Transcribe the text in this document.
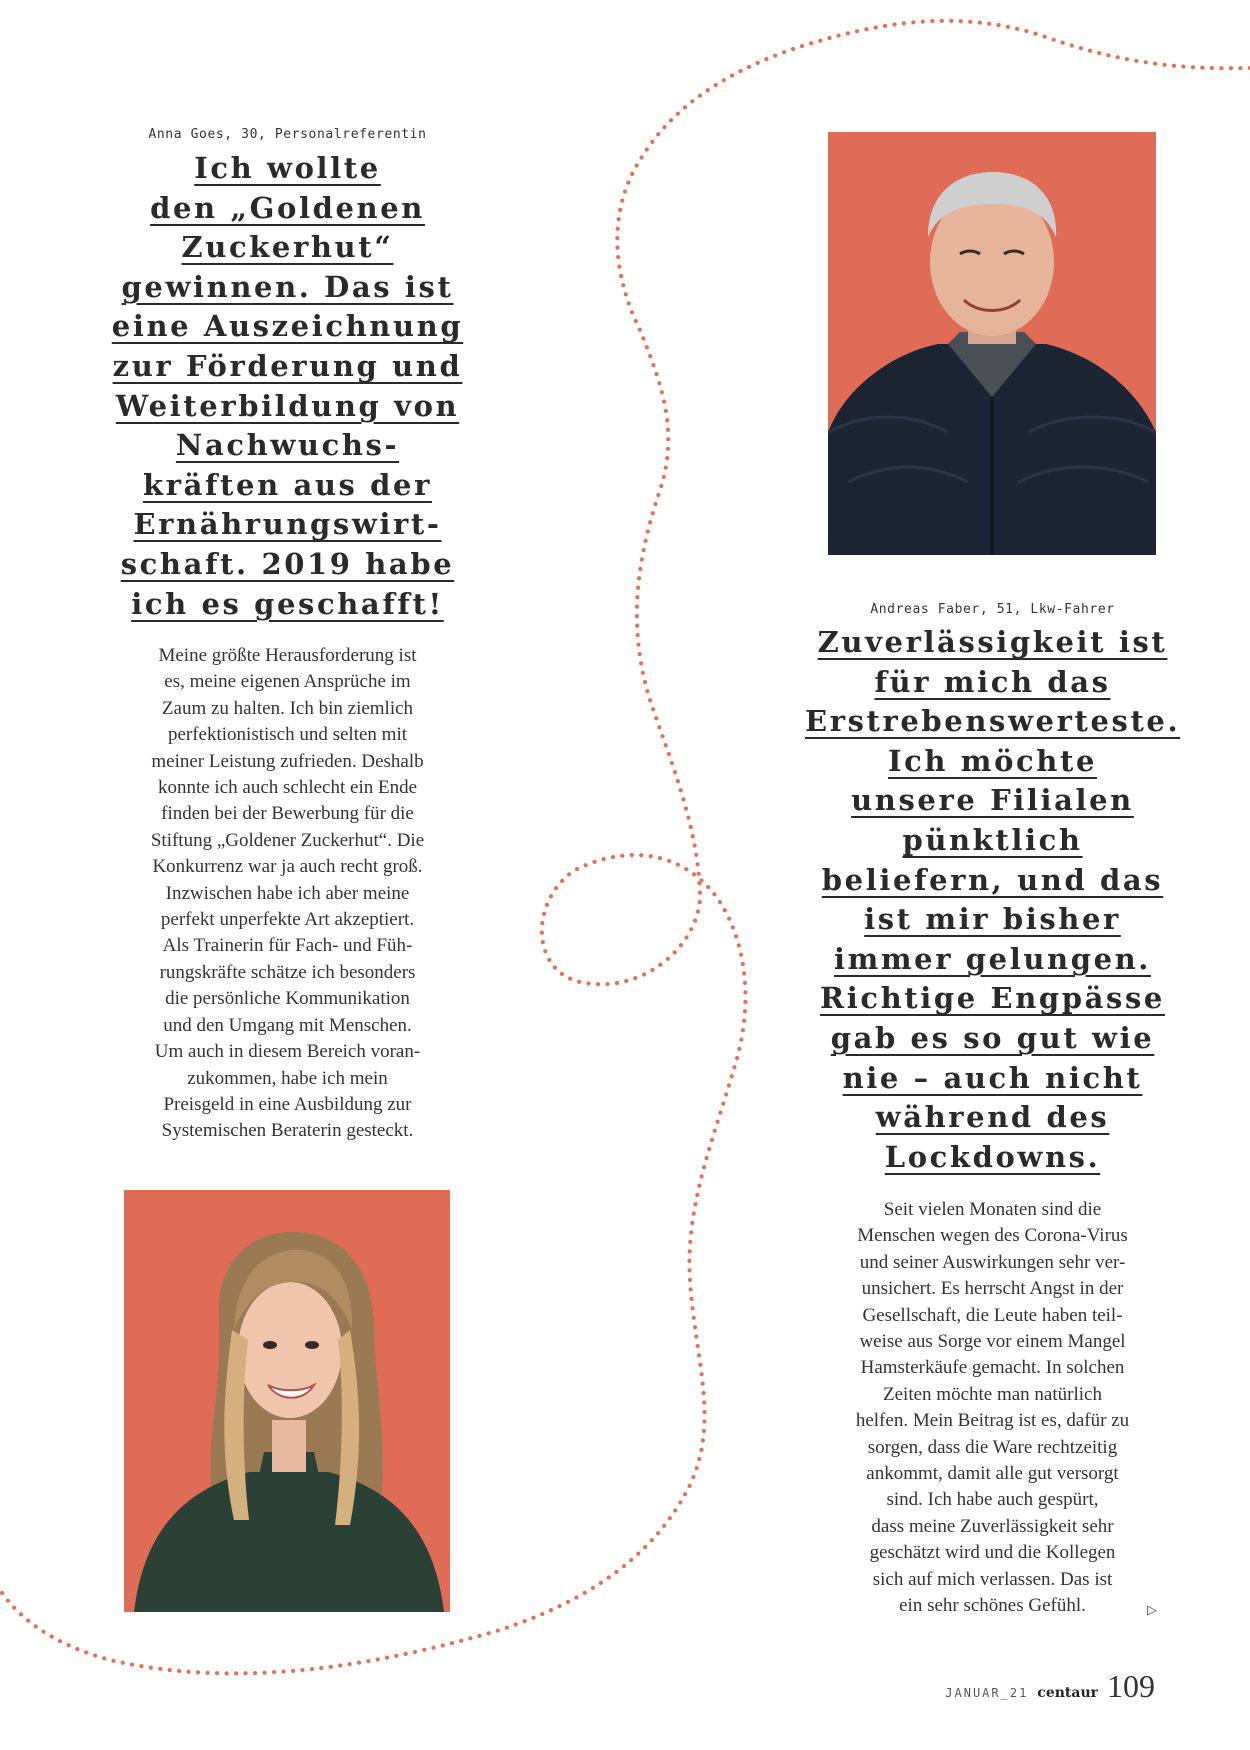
Anna Goes, 30, Personalreferentin
Ich wollte
den „Goldenen
Zuckerhut“
gewinnen. Das ist
eine Auszeichnung
zur Förderung und
Weiterbildung von
Nachwuchs-
kräften aus der
Ernährungswirt-
schaft. 2019 habe
ich es geschafft!
Meine größte Herausforderung ist
es, meine eigenen Ansprüche im
Zaum zu halten. Ich bin ziemlich
perfektionistisch und selten mit
meiner Leistung zufrieden. Deshalb
konnte ich auch schlecht ein Ende
finden bei der Bewerbung für die
Stiftung „Goldener Zuckerhut“. Die
Konkurrenz war ja auch recht groß.
Inzwischen habe ich aber meine
perfekt unperfekte Art akzeptiert.
Als Trainerin für Fach- und Füh-
rungskräfte schätze ich besonders
die persönliche Kommunikation
und den Umgang mit Menschen.
Um auch in diesem Bereich voran-
zukommen, habe ich mein
Preisgeld in eine Ausbildung zur
Systemischen Beraterin gesteckt.
Andreas Faber, 51, Lkw-Fahrer
Zuverlässigkeit ist
für mich das
Erstrebenswerteste.
Ich möchte
unsere Filialen
pünktlich
beliefern, und das
ist mir bisher
immer gelungen.
Richtige Engpässe
gab es so gut wie
nie – auch nicht
während des
Lockdowns.
Seit vielen Monaten sind die
Menschen wegen des Corona-Virus
und seiner Auswirkungen sehr ver-
unsichert. Es herrscht Angst in der
Gesellschaft, die Leute haben teil-
weise aus Sorge vor einem Mangel
Hamsterkäufe gemacht. In solchen
Zeiten möchte man natürlich
helfen. Mein Beitrag ist es, dafür zu
sorgen, dass die Ware rechtzeitig
ankommt, damit alle gut versorgt
sind. Ich habe auch gespürt,
dass meine Zuverlässigkeit sehr
geschätzt wird und die Kollegen
sich auf mich verlassen. Das ist
ein sehr schönes Gefühl.	▷
JANUAR_21 centaur 109
